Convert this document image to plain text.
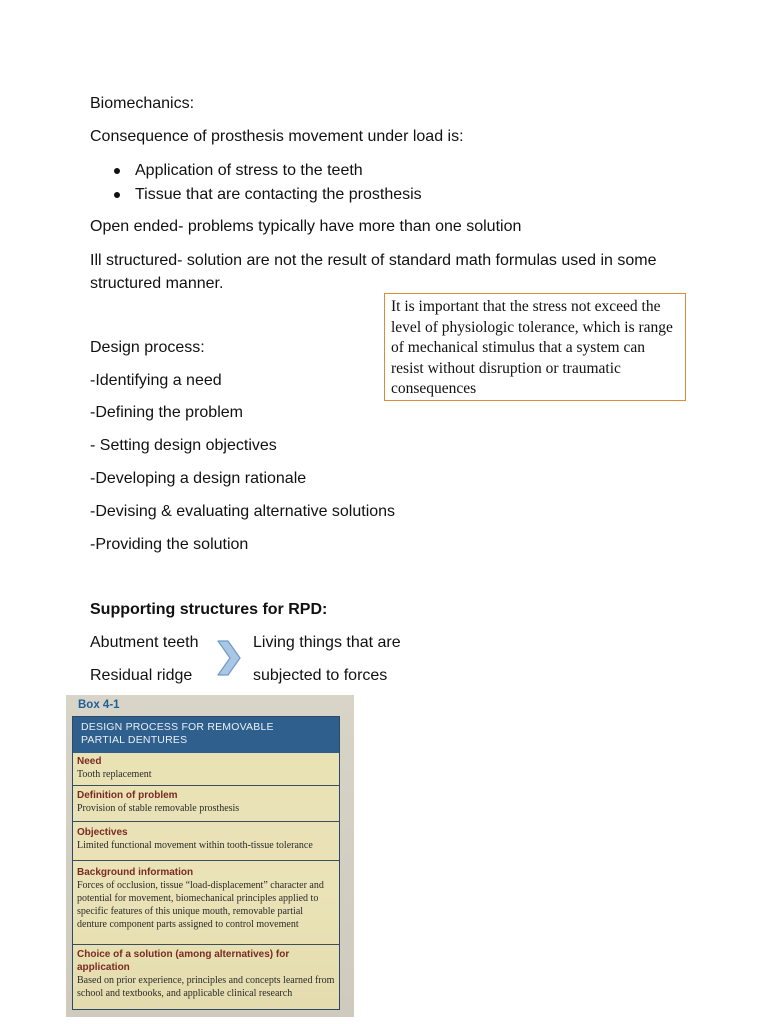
Biomechanics:
Consequence of prosthesis movement under load is:
Application of stress to the teeth
Tissue that are contacting the prosthesis
Open ended- problems typically have more than one solution
Ill structured- solution are not the result of standard math formulas used in some structured manner.
It is important that the stress not exceed the level of physiologic tolerance, which is range of mechanical stimulus that a system can resist without disruption or traumatic consequences
Design process:
-Identifying a need
-Defining the problem
- Setting design objectives
-Developing a design rationale
-Devising & evaluating alternative solutions
-Providing the solution
Supporting structures for RPD:
Abutment teeth
Residual ridge
Living things that are
subjected to forces
Box 4-1
DESIGN PROCESS FOR REMOVABLE
PARTIAL DENTURES
Need
Tooth replacement
Definition of problem
Provision of stable removable prosthesis
Objectives
Limited functional movement within tooth-tissue tolerance
Background information
Forces of occlusion, tissue “load-displacement” character and potential for movement, biomechanical principles applied to specific features of this unique mouth, removable partial denture component parts assigned to control movement
Choice of a solution (among alternatives) for application
Based on prior experience, principles and concepts learned from school and textbooks, and applicable clinical research
